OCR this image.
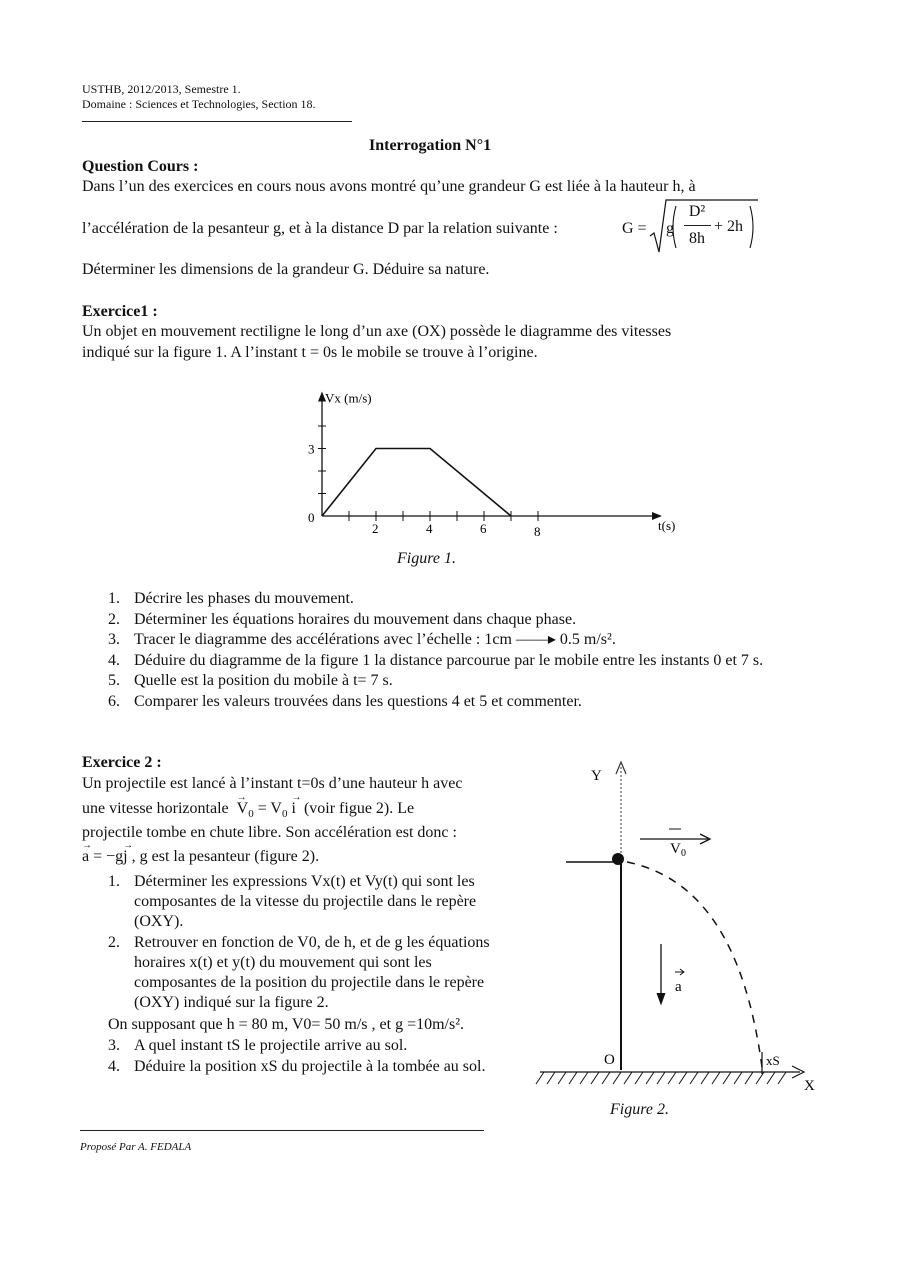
USTHB, 2012/2013, Semestre 1.
Domaine : Sciences et Technologies, Section 18.
Interrogation N°1
Question Cours :
Dans l’un des exercices en cours nous avons montré qu’une grandeur G est liée à la hauteur h, à
l’accélération de la pesanteur g, et à la distance D par la relation suivante :	G = g
D²
8h
+ 2h
Déterminer les dimensions de la grandeur G. Déduire sa nature.
Exercice1 :
Un objet en mouvement rectiligne le long d’un axe (OX) possède le diagramme des vitesses
indiqué sur la figure 1. A l’instant t = 0s le mobile se trouve à l’origine.
2	4	6	8
3
Vx (m/s)
t(s)
0
Figure 1.
1. Décrire les phases du mouvement.
2. Déterminer les équations horaires du mouvement dans chaque phase.
3. Tracer le diagramme des accélérations avec l’échelle : 1cm ——▸ 0.5 m/s².
4. Déduire du diagramme de la figure 1 la distance parcourue par le mobile entre les instants 0 et 7 s.
5. Quelle est la position du mobile à t= 7 s.
6. Comparer les valeurs trouvées dans les questions 4 et 5 et commenter.
Exercice 2 :
Un projectile est lancé à l’instant t=0s d’une hauteur h avec
une vitesse horizontale → $V_0 = V_0 \to i$ (voir figue 2). Le
projectile tombe en chute libre. Son accélération est donc :
→ a = −g→ j , g est la pesanteur (figure 2).
1. Déterminer les expressions Vx(t) et Vy(t) qui sont les
composantes de la vitesse du projectile dans le repère
(OXY).
2. Retrouver en fonction de V0, de h, et de g les équations
horaires x(t) et y(t) du mouvement qui sont les
composantes de la position du projectile dans le repère
(OXY) indiqué sur la figure 2.
On supposant que h = 80 m, V0= 50 m/s , et g =10m/s².
3. A quel instant tS le projectile arrive au sol.
4. Déduire la position xS du projectile à la tombée au sol.
Y
V 0
a
X
O	xS
Figure 2.
Proposé Par A. FEDALA
